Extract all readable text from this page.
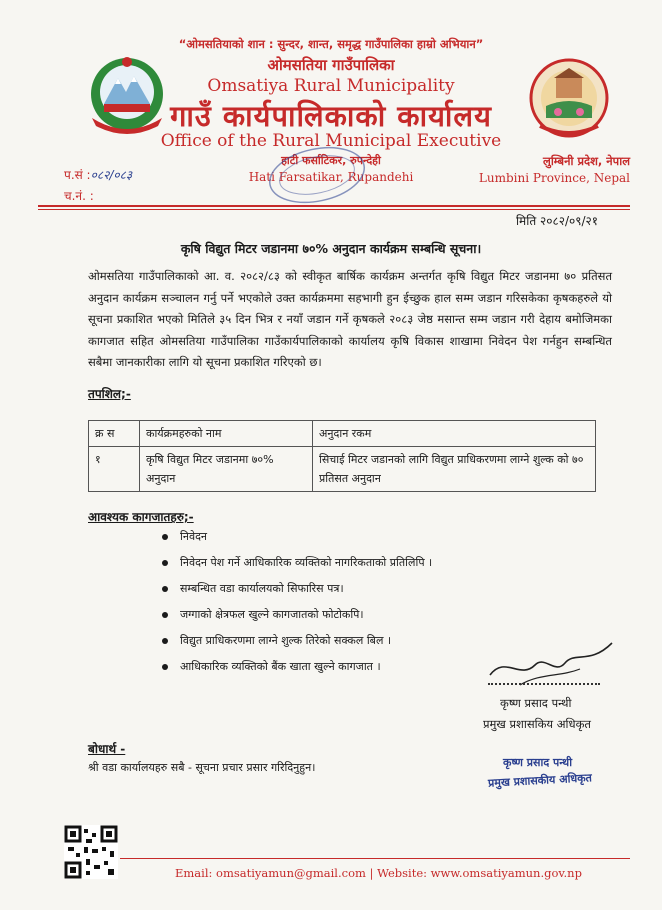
“ओमसतियाको शान : सुन्दर, शान्त, समृद्ध गाउँपालिका हाम्रो अभियान”
ओमसतिया गाउँपालिका
Omsatiya Rural Municipality
गाउँ कार्यपालिकाको कार्यालय
Office of the Rural Municipal Executive
हाटी फर्साटिकर, रुपन्देही
Hati Farsatikar, Rupandehi
लुम्बिनी प्रदेश, नेपाल
Lumbini Province, Nepal
प.सं :०८२/०८३
च.नं. :
मिति २०८२/०९/२१
कृषि विद्युत मिटर जडानमा ७०% अनुदान कार्यक्रम सम्बन्धि सूचना।
ओमसतिया गाउँपालिकाको आ. व. २०८२/८३ को स्वीकृत बार्षिक कार्यक्रम अन्तर्गत कृषि विद्युत मिटर जडानमा ७० प्रतिसत अनुदान कार्यक्रम सञ्चालन गर्नु पर्ने भएकोले उक्त कार्यक्रममा सहभागी हुन ईच्छुक हाल सम्म जडान गरिसकेका कृषकहरुले यो सूचना प्रकाशित भएको मितिले ३५ दिन भित्र र नयाँ जडान गर्ने कृषकले २०८३ जेष्ठ मसान्त सम्म जडान गरी देहाय बमोजिमका कागजात सहित ओमसतिया गाउँपालिका गाउँकार्यपालिकाको कार्यालय कृषि विकास शाखामा निवेदन पेश गर्नहुन सम्बन्धित सबैमा जानकारीका लागि यो सूचना प्रकाशित गरिएको छ।
तपशिल;-
क्र स	कार्यक्रमहरुको नाम	अनुदान रकम
१	कृषि विद्युत मिटर जडानमा ७०% अनुदान	सिचाई मिटर जडानको लागि विद्युत प्राधिकरणमा लाग्ने शुल्क को ७० प्रतिसत अनुदान
आवश्यक कागजातहरु;-
निवेदन
निवेदन पेश गर्ने आधिकारिक व्यक्तिको नागरिकताको प्रतिलिपि ।
सम्बन्धित वडा कार्यालयको सिफारिस पत्र।
जग्गाको क्षेत्रफल खुल्ने कागजातको फोटोकपि।
विद्युत प्राधिकरणमा लाग्ने शुल्क तिरेको सक्कल बिल ।
आधिकारिक व्यक्तिको बैंक खाता खुल्ने कागजात ।
कृष्ण प्रसाद पन्थी
प्रमुख प्रशासकिय अधिकृत
कृष्ण प्रसाद पन्थी
प्रमुख प्रशासकीय अधिकृत
बोधार्थ -
श्री वडा कार्यालयहरु सबै - सूचना प्रचार प्रसार गरिदिनुहुन।
Email: omsatiyamun@gmail.com | Website: www.omsatiyamun.gov.np
